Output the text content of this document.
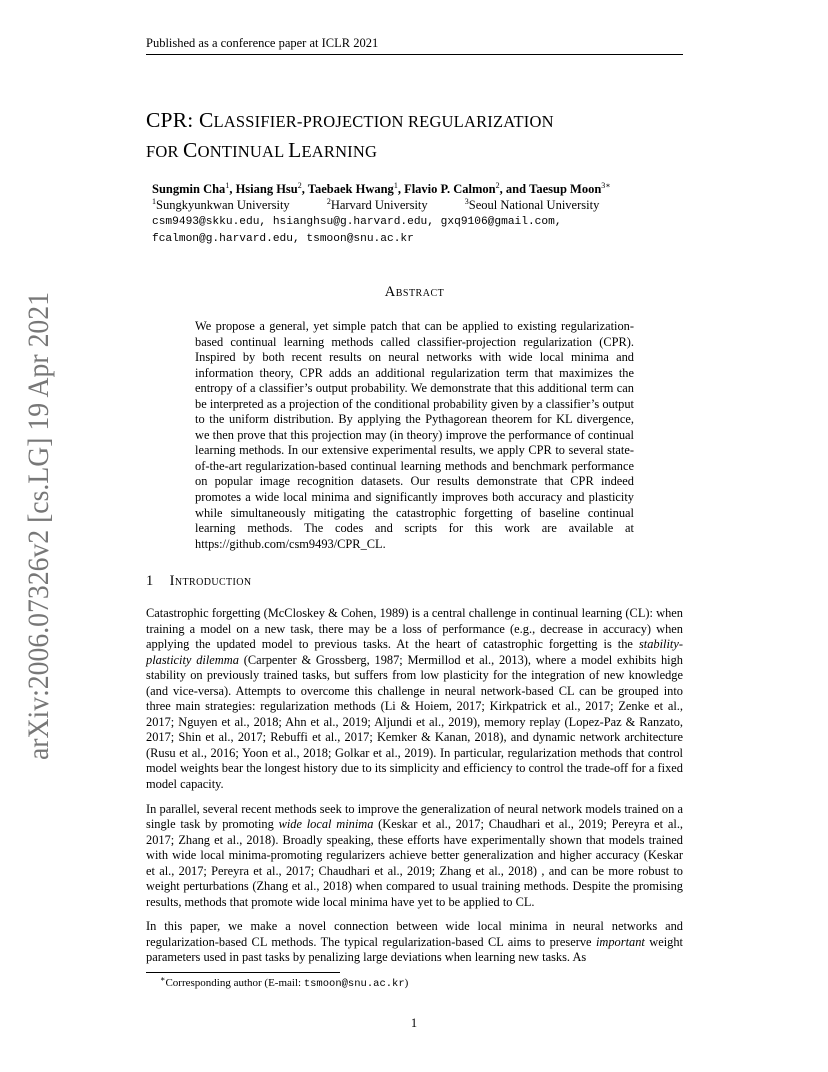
arXiv:2006.07326v2 [cs.LG] 19 Apr 2021
Published as a conference paper at ICLR 2021
CPR: CLASSIFIER-PROJECTION REGULARIZATION
FOR CONTINUAL LEARNING
Sungmin Cha$^1$, Hsiang Hsu$^2$, Taebaek Hwang$^1$, Flavio P. Calmon$^2$, and Taesup Moon$^{3∗}$
$^1$Sungkyunkwan University	$^2$Harvard University	$^3$Seoul National University
csm9493@skku.edu, hsianghsu@g.harvard.edu, gxq9106@gmail.com,
fcalmon@g.harvard.edu, tsmoon@snu.ac.kr
Abstract
We propose a general, yet simple patch that can be applied to existing regularization-based continual learning methods called classifier-projection regularization (CPR). Inspired by both recent results on neural networks with wide local minima and information theory, CPR adds an additional regularization term that maximizes the entropy of a classifier’s output probability. We demonstrate that this additional term can be interpreted as a projection of the conditional probability given by a classifier’s output to the uniform distribution. By applying the Pythagorean theorem for KL divergence, we then prove that this projection may (in theory) improve the performance of continual learning methods. In our extensive experimental results, we apply CPR to several state-of-the-art regularization-based continual learning methods and benchmark performance on popular image recognition datasets. Our results demonstrate that CPR indeed promotes a wide local minima and significantly improves both accuracy and plasticity while simultaneously mitigating the catastrophic forgetting of baseline continual learning methods. The codes and scripts for this work are available at https://github.com/csm9493/CPR_CL.
1 Introduction

Catastrophic forgetting (McCloskey & Cohen, 1989) is a central challenge in continual learning (CL): when training a model on a new task, there may be a loss of performance (e.g., decrease in accuracy) when applying the updated model to previous tasks. At the heart of catastrophic forgetting is the stability-plasticity dilemma (Carpenter & Grossberg, 1987; Mermillod et al., 2013), where a model exhibits high stability on previously trained tasks, but suffers from low plasticity for the integration of new knowledge (and vice-versa). Attempts to overcome this challenge in neural network-based CL can be grouped into three main strategies: regularization methods (Li & Hoiem, 2017; Kirkpatrick et al., 2017; Zenke et al., 2017; Nguyen et al., 2018; Ahn et al., 2019; Aljundi et al., 2019), memory replay (Lopez-Paz & Ranzato, 2017; Shin et al., 2017; Rebuffi et al., 2017; Kemker & Kanan, 2018), and dynamic network architecture (Rusu et al., 2016; Yoon et al., 2018; Golkar et al., 2019). In particular, regularization methods that control model weights bear the longest history due to its simplicity and efficiency to control the trade-off for a fixed model capacity.

In parallel, several recent methods seek to improve the generalization of neural network models trained on a single task by promoting wide local minima (Keskar et al., 2017; Chaudhari et al., 2019; Pereyra et al., 2017; Zhang et al., 2018). Broadly speaking, these efforts have experimentally shown that models trained with wide local minima-promoting regularizers achieve better generalization and higher accuracy (Keskar et al., 2017; Pereyra et al., 2017; Chaudhari et al., 2019; Zhang et al., 2018) , and can be more robust to weight perturbations (Zhang et al., 2018) when compared to usual training methods. Despite the promising results, methods that promote wide local minima have yet to be applied to CL.

In this paper, we make a novel connection between wide local minima in neural networks and regularization-based CL methods. The typical regularization-based CL aims to preserve important weight parameters used in past tasks by penalizing large deviations when learning new tasks. As

∗Corresponding author (E-mail: tsmoon@snu.ac.kr)
1
